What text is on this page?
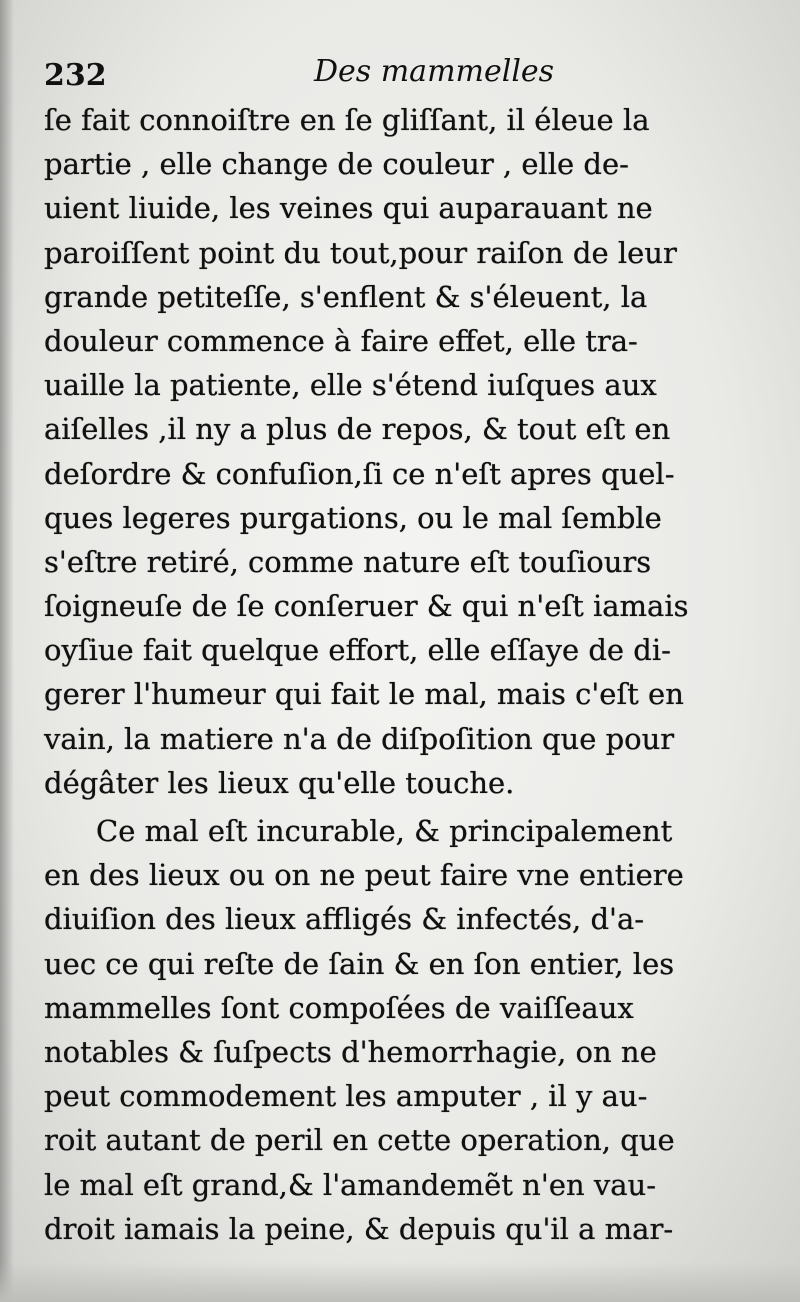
232	Des mammelles
ſe fait connoiſtre en ſe gliſſant, il éleue la
partie , elle change de couleur , elle de-
uient liuide, les veines qui auparauant ne
paroiſſent point du tout,pour raiſon de leur
grande petiteſſe, s'enflent & s'éleuent, la
douleur commence à faire effet, elle tra-
uaille la patiente, elle s'étend iuſques aux
aiſelles ,il ny a plus de repos, & tout eſt en
deſordre & confuſion,ſi ce n'eſt apres quel-
ques legeres purgations, ou le mal ſemble
s'eſtre retiré, comme nature eſt touſiours
ſoigneuſe de ſe conſeruer & qui n'eſt iamais
oyſiue fait quelque effort, elle eſſaye de di-
gerer l'humeur qui fait le mal, mais c'eſt en
vain, la matiere n'a de diſpoſition que pour
dégâter les lieux qu'elle touche.
Ce mal eſt incurable, & principalement
en des lieux ou on ne peut faire vne entiere
diuiſion des lieux affligés & infectés, d'a-
uec ce qui reſte de ſain & en ſon entier, les
mammelles ſont compoſées de vaiſſeaux
notables & ſuſpects d'hemorrhagie, on ne
peut commodement les amputer , il y au-
roit autant de peril en cette operation, que
le mal eſt grand,& l'amandemẽt n'en vau-
droit iamais la peine, & depuis qu'il a mar-
